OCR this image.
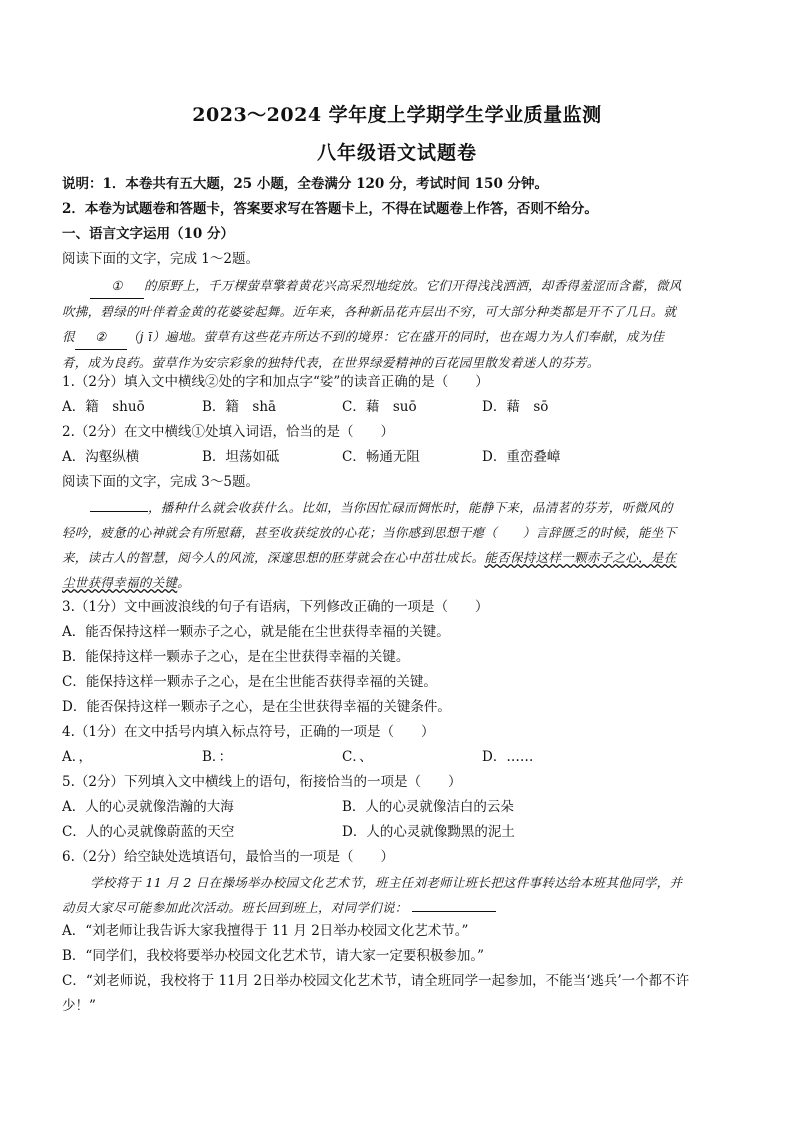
2023～2024 学年度上学期学生学业质量监测
八年级语文试题卷
说明：1．本卷共有五大题，25 小题，全卷满分 120 分，考试时间 150 分钟。
2．本卷为试题卷和答题卡，答案要求写在答题卡上，不得在试题卷上作答，否则不给分。
一、语言文字运用（10 分）
阅读下面的文字，完成 1～2题。
① 的原野上，千万棵萤草擎着黄花兴高采烈地绽放。它们开得浅浅洒洒，却香得羞涩而含蓄，微风
吹拂，碧绿的叶伴着金黄的花婆娑起舞。近年来，各种新品花卉层出不穷，可大部分种类都是开不了几日。就
很 ② （j ī）遍地。萤草有这些花卉所达不到的境界：它在盛开的同时，也在竭力为人们奉献，成为佳
肴，成为良药。萤草作为安宗彩象的独特代表，在世界绿爱精神的百花园里散发着迷人的芬芳。
1.（2分）填入文中横线②处的字和加点字“娑”的读音正确的是（　　）
A．籍　shuō	B．籍　shā	C．藉　suō	D．藉　sō
2.（2分）在文中横线①处填入词语，恰当的是（　　）
A．沟壑纵横	B．坦荡如砥	C．畅通无阻	D．重峦叠嶂
阅读下面的文字，完成 3～5题。
，播种什么就会收获什么。比如，当你因忙碌而惆怅时，能静下来，品清茗的芬芳，听微风的
轻吟，疲惫的心神就会有所慰藉，甚至收获绽放的心花；当你感到思想干瘪（　　）言辞匮乏的时候，能坐下
来，读古人的智慧，阅今人的风流，深邃思想的胚芽就会在心中茁壮成长。能否保持这样一颗赤子之心，是在
尘世获得幸福的关键。
3.（1分）文中画波浪线的句子有语病，下列修改正确的一项是（　　）
A．能否保持这样一颗赤子之心，就是能在尘世获得幸福的关键。
B．能保持这样一颗赤子之心，是在尘世获得幸福的关键。
C．能保持这样一颗赤子之心，是在尘世能否获得幸福的关键。
D．能否保持这样一颗赤子之心，是在尘世获得幸福的关键条件。
4.（1分）在文中括号内填入标点符号，正确的一项是（　　）
A．，	B．：	C．、	D．……
5.（2分）下列填入文中横线上的语句，衔接恰当的一项是（　　）
A．人的心灵就像浩瀚的大海	B．人的心灵就像洁白的云朵
C．人的心灵就像蔚蓝的天空	D．人的心灵就像黝黑的泥土
6.（2分）给空缺处选填语句，最恰当的一项是（　　）
学校将于 11 月 2 日在操场举办校园文化艺术节，班主任刘老师让班长把这件事转达给本班其他同学，并
动员大家尽可能参加此次活动。班长回到班上，对同学们说：
A．“刘老师让我告诉大家我擅得于 11 月 2日举办校园文化艺术节。”
B．“同学们，我校将要举办校园文化艺术节，请大家一定要积极参加。”
C．“刘老师说，我校将于 11月 2日举办校园文化艺术节，请全班同学一起参加，不能当‘逃兵’一个都不许
少！”
